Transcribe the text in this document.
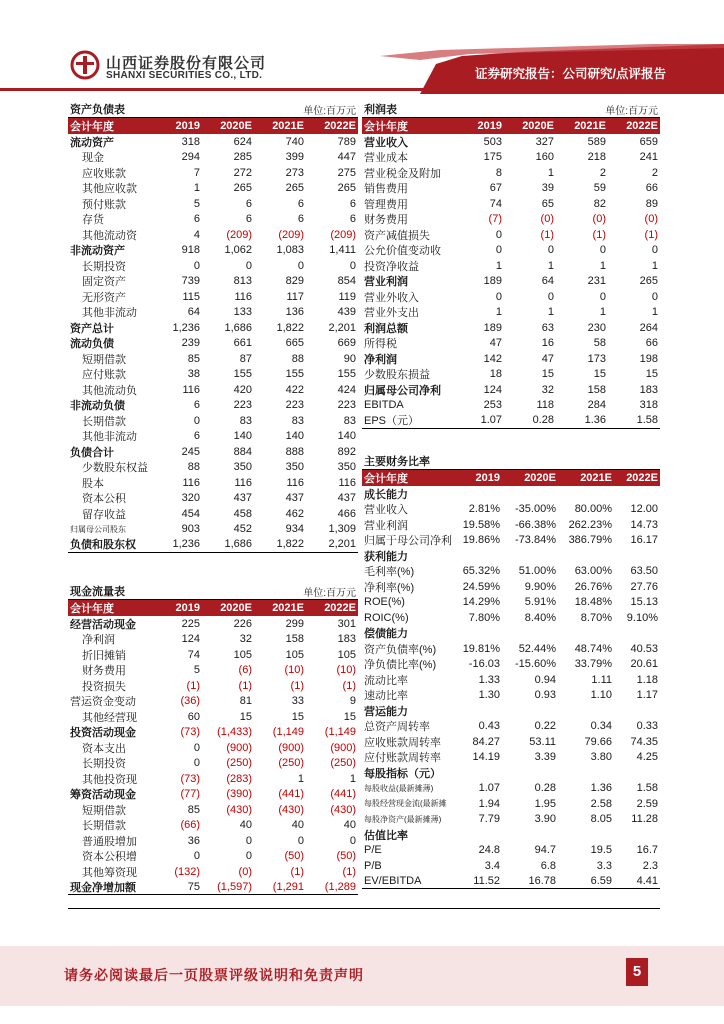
山西证券股份有限公司
SHANXI SECURITIES CO., LTD.	证券研究报告：公司研究/点评报告
资产负债表	单位:百万元
会计年度	2019	2020E	2021E	2022E
流动资产	318	624	740	789
现金	294	285	399	447
应收账款	7	272	273	275
其他应收款	1	265	265	265
预付账款	5	6	6	6
存货	6	6	6	6
其他流动资	4	(209)	(209)	(209)
非流动资产	918	1,062	1,083	1,411
长期投资	0	0	0	0
固定资产	739	813	829	854
无形资产	115	116	117	119
其他非流动	64	133	136	439
资产总计	1,236	1,686	1,822	2,201
流动负债	239	661	665	669
短期借款	85	87	88	90
应付账款	38	155	155	155
其他流动负	116	420	422	424
非流动负债	6	223	223	223
长期借款	0	83	83	83
其他非流动	6	140	140	140
负债合计	245	884	888	892
少数股东权益	88	350	350	350
股本	116	116	116	116
资本公积	320	437	437	437
留存收益	454	458	462	466
归属母公司股东	903	452	934	1,309
负债和股东权	1,236	1,686	1,822	2,201
利润表	单位:百万元
会计年度	2019	2020E	2021E	2022E
营业收入	503	327	589	659
营业成本	175	160	218	241
营业税金及附加	8	1	2	2
销售费用	67	39	59	66
管理费用	74	65	82	89
财务费用	(7)	(0)	(0)	(0)
资产减值损失	0	(1)	(1)	(1)
公允价值变动收	0	0	0	0
投资净收益	1	1	1	1
营业利润	189	64	231	265
营业外收入	0	0	0	0
营业外支出	1	1	1	1
利润总额	189	63	230	264
所得税	47	16	58	66
净利润	142	47	173	198
少数股东损益	18	15	15	15
归属母公司净利	124	32	158	183
EBITDA	253	118	284	318
EPS（元）	1.07	0.28	1.36	1.58
主要财务比率
会计年度	2019	2020E	2021E	2022E
成长能力
营业收入	2.81%	-35.00%	80.00%	12.00
营业利润	19.58%	-66.38%	262.23%	14.73
归属于母公司净利 19.86%	-73.84%	386.79%	16.17
获利能力
毛利率(%)	65.32%	51.00%	63.00%	63.50
净利率(%)	24.59%	9.90%	26.76%	27.76
ROE(%)	14.29%	5.91%	18.48%	15.13
ROIC(%)	7.80%	8.40%	8.70%	9.10%
偿债能力
资产负债率(%)	19.81%	52.44%	48.74%	40.53
净负债比率(%)	-16.03	-15.60%	33.79%	20.61
流动比率	1.33	0.94	1.11	1.18
速动比率	1.30	0.93	1.10	1.17
营运能力
总资产周转率	0.43	0.22	0.34	0.33
应收账款周转率	84.27	53.11	79.66	74.35
应付账款周转率	14.19	3.39	3.80	4.25
每股指标（元）
每股收益(最新摊薄)	1.07	0.28	1.36	1.58
每股经营现金流(最新摊	1.94	1.95	2.58	2.59
每股净资产(最新摊薄)	7.79	3.90	8.05	11.28
估值比率
P/E	24.8	94.7	19.5	16.7
P/B	3.4	6.8	3.3	2.3
EV/EBITDA	11.52	16.78	6.59	4.41
现金流量表	单位:百万元
会计年度	2019	2020E	2021E	2022E
经营活动现金	225	226	299	301
净利润	124	32	158	183
折旧摊销	74	105	105	105
财务费用	5	(6)	(10)	(10)
投资损失	(1)	(1)	(1)	(1)
营运资金变动	(36)	81	33	9
其他经营现	60	15	15	15
投资活动现金	(73)	(1,433)	(1,149	(1,149
资本支出	0	(900)	(900)	(900)
长期投资	0	(250)	(250)	(250)
其他投资现	(73)	(283)	1	1
筹资活动现金	(77)	(390)	(441)	(441)
短期借款	85	(430)	(430)	(430)
长期借款	(66)	40	40	40
普通股增加	36	0	0	0
资本公积增	0	0	(50)	(50)
其他筹资现	(132)	(0)	(1)	(1)
现金净增加额	75	(1,597)	(1,291	(1,289
请务必阅读最后一页股票评级说明和免责声明	5
